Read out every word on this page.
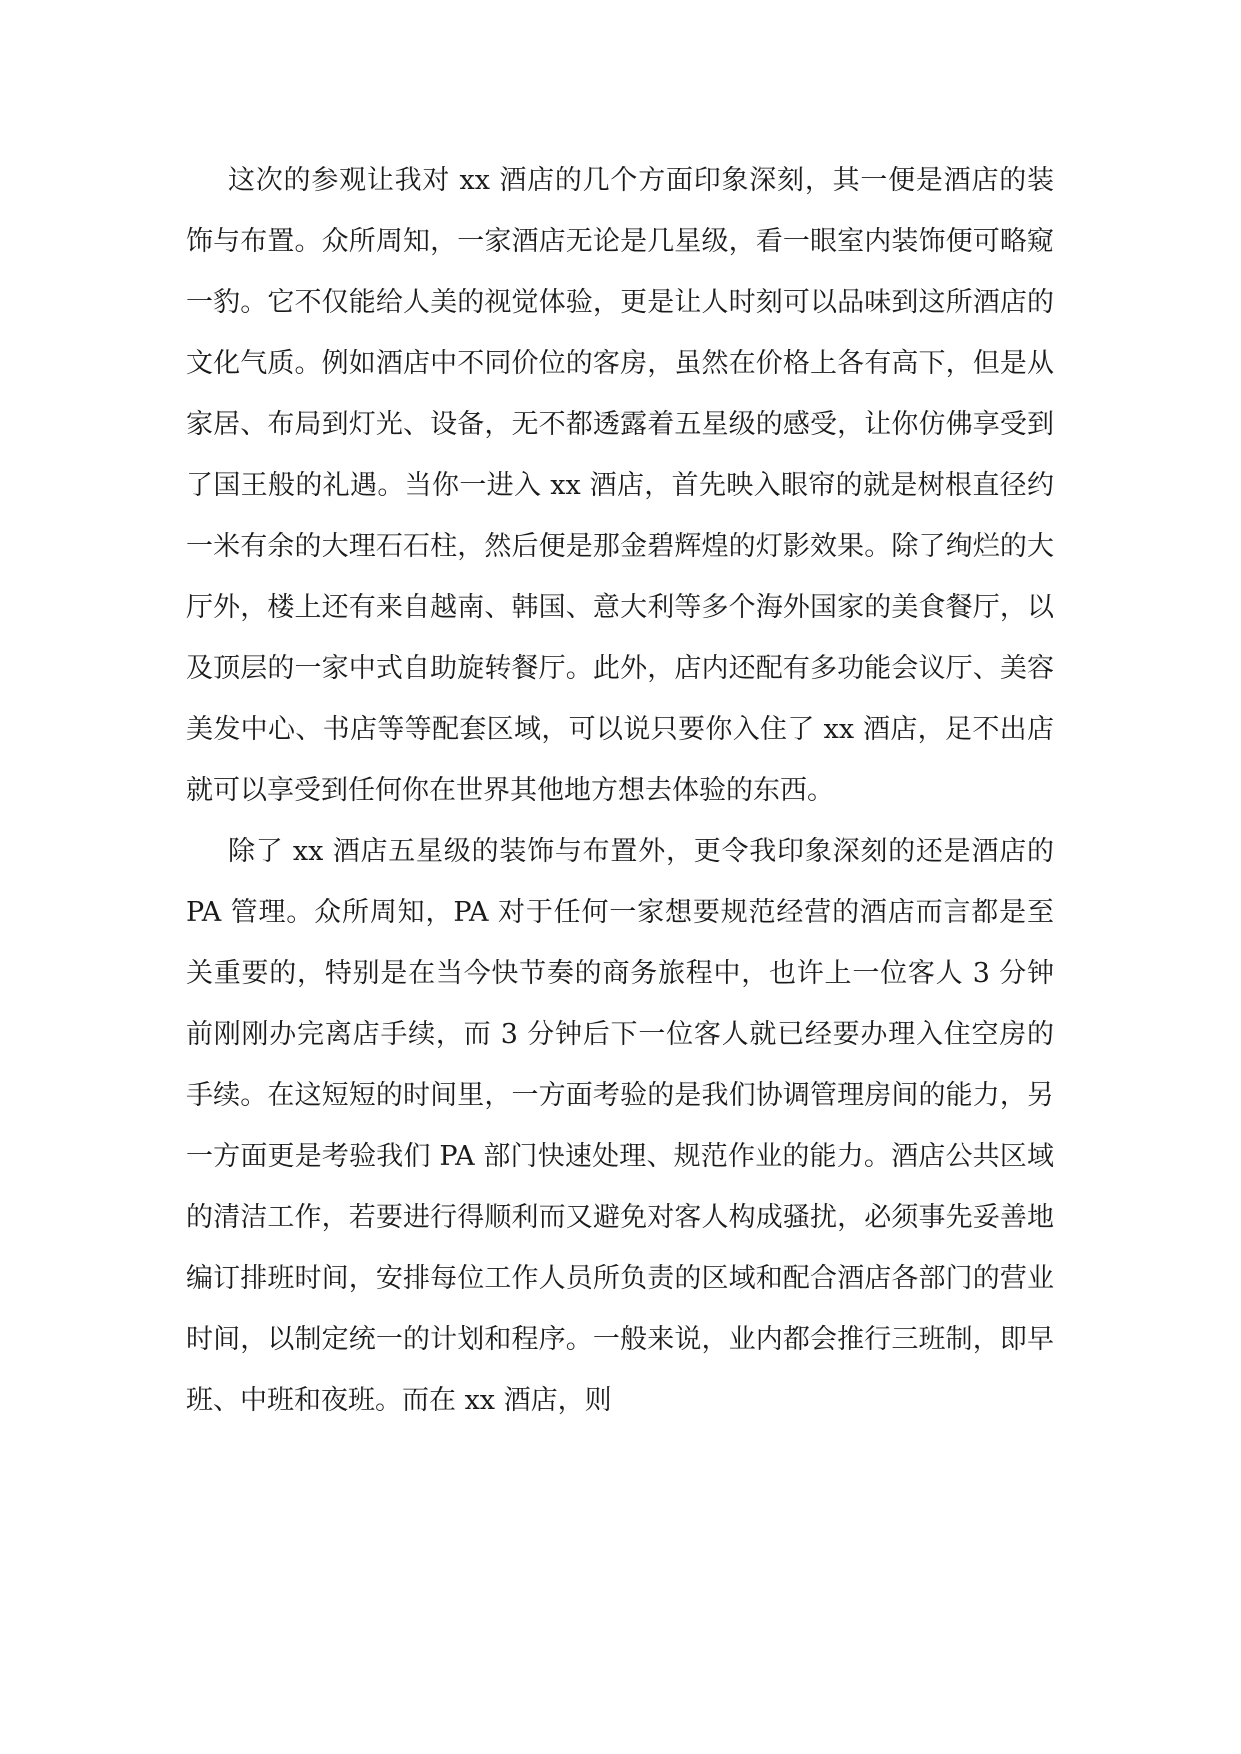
这次的参观让我对 xx 酒店的几个方面印象深刻，其一便是酒店的装饰与布置。众所周知，一家酒店无论是几星级，看一眼室内装饰便可略窥一豹。它不仅能给人美的视觉体验，更是让人时刻可以品味到这所酒店的文化气质。例如酒店中不同价位的客房，虽然在价格上各有高下，但是从家居、布局到灯光、设备，无不都透露着五星级的感受，让你仿佛享受到了国王般的礼遇。当你一进入 xx 酒店，首先映入眼帘的就是树根直径约一米有余的大理石石柱，然后便是那金碧辉煌的灯影效果。除了绚烂的大厅外，楼上还有来自越南、韩国、意大利等多个海外国家的美食餐厅，以及顶层的一家中式自助旋转餐厅。此外，店内还配有多功能会议厅、美容美发中心、书店等等配套区域，可以说只要你入住了 xx 酒店，足不出店就可以享受到任何你在世界其他地方想去体验的东西。

除了 xx 酒店五星级的装饰与布置外，更令我印象深刻的还是酒店的 PA 管理。众所周知，PA 对于任何一家想要规范经营的酒店而言都是至关重要的，特别是在当今快节奏的商务旅程中，也许上一位客人 3 分钟前刚刚办完离店手续，而 3 分钟后下一位客人就已经要办理入住空房的手续。在这短短的时间里，一方面考验的是我们协调管理房间的能力，另一方面更是考验我们 PA 部门快速处理、规范作业的能力。酒店公共区域的清洁工作，若要进行得顺利而又避免对客人构成骚扰，必须事先妥善地编订排班时间，安排每位工作人员所负责的区域和配合酒店各部门的营业时间，以制定统一的计划和程序。一般来说，业内都会推行三班制，即早班、中班和夜班。而在 xx 酒店，则
